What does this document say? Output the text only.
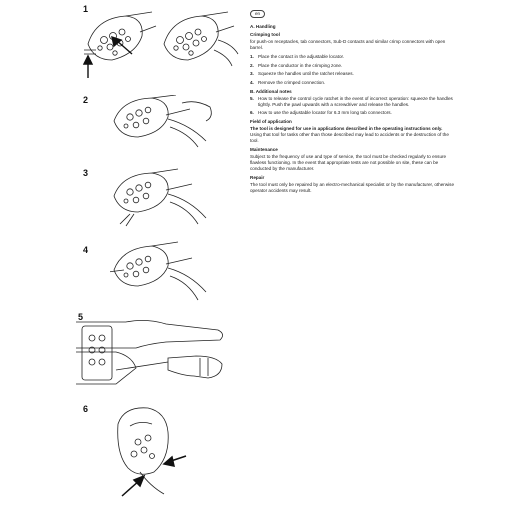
1
2
3
4
5
6
en
A. Handling
Crimping tool
for push-on receptacles, tab connectors, Sub-D contacts and similar crimp connectors with open barrel.
1. Place the contact in the adjustable locator.
2. Place the conductor in the crimping zone.
3. Squeeze the handles until the ratchet releases.
4. Remove the crimped connection.
B. Additional notes
5. How to release the control cycle ratchet in the event of incorrect operation: squeeze the handles tightly. Push the pawl upwards with a screwdriver and release the handles.
6. How to use the adjustable locator for 6.3 mm long tab connectors.
Field of application
The tool is designed for use in applications described in the operating instructions only. Using that tool for tasks other than those described may lead to accidents or the destruction of the tool.
Maintenance
Subject to the frequency of use and type of service, the tool must be checked regularly to ensure flawless functioning. In the event that appropriate tests are not possible on site, these can be conducted by the manufacturer.
Repair
The tool must only be repaired by an electro-mechanical specialist or by the manufacturer, otherwise operator accidents may result.
